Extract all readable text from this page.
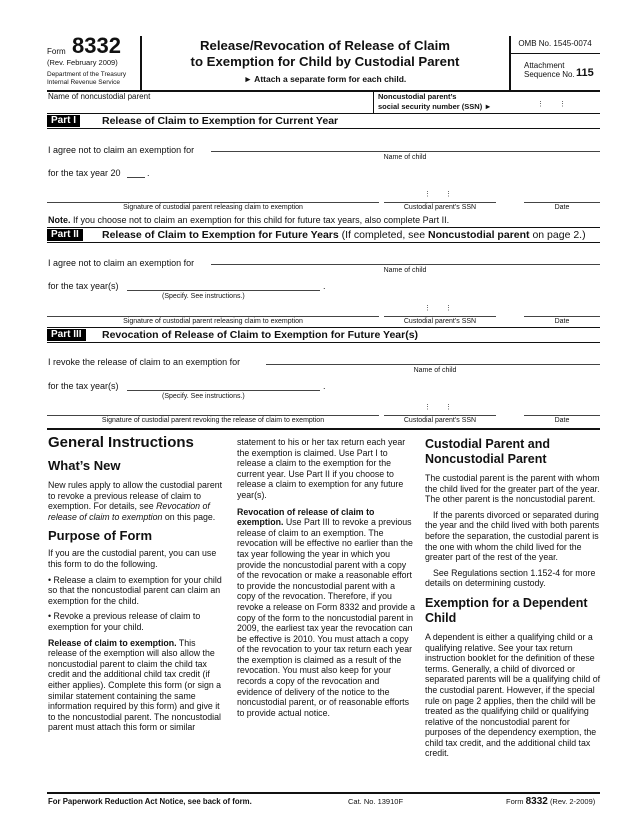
Form 8332
(Rev. February 2009)
Department of the Treasury
Internal Revenue Service
Release/Revocation of Release of Claim
to Exemption for Child by Custodial Parent
► Attach a separate form for each child.
OMB No. 1545-0074
Attachment
Sequence No. 115
Name of noncustodial parent	Noncustodial parent’s
social security number (SSN) ►	⋮ ⋮
Part I	Release of Claim to Exemption for Current Year
I agree not to claim an exemption for
Name of child
for the tax year 20	.
⋮ ⋮
Signature of custodial parent releasing claim to exemption	Custodial parent’s SSN	Date
Note. If you choose not to claim an exemption for this child for future tax years, also complete Part II.
Part II	Release of Claim to Exemption for Future Years (If completed, see Noncustodial parent on page 2.)
I agree not to claim an exemption for
Name of child
for the tax year(s)	.
(Specify. See instructions.)
⋮ ⋮
Signature of custodial parent releasing claim to exemption	Custodial parent’s SSN	Date
Part III	Revocation of Release of Claim to Exemption for Future Year(s)
I revoke the release of claim to an exemption for
Name of child
for the tax year(s)	.
(Specify. See instructions.)
⋮ ⋮
Signature of custodial parent revoking the release of claim to exemption	Custodial parent’s SSN	Date
General Instructions
What’s New

New rules apply to allow the custodial parent to revoke a previous release of claim to exemption. For details, see Revocation of release of claim to exemption on this page.

Purpose of Form

If you are the custodial parent, you can use this form to do the following.

• Release a claim to exemption for your child so that the noncustodial parent can claim an exemption for the child.

• Revoke a previous release of claim to exemption for your child.

Release of claim to exemption. This release of the exemption will also allow the noncustodial parent to claim the child tax credit and the additional child tax credit (if either applies). Complete this form (or sign a similar statement containing the same information required by this form) and give it to the noncustodial parent. The noncustodial parent must attach this form or similar

statement to his or her tax return each year the exemption is claimed. Use Part I to release a claim to the exemption for the current year. Use Part II if you choose to release a claim to exemption for any future year(s).

Revocation of release of claim to exemption. Use Part III to revoke a previous release of claim to an exemption. The revocation will be effective no earlier than the tax year following the year in which you provide the noncustodial parent with a copy of the revocation or make a reasonable effort to provide the noncustodial parent with a copy of the revocation. Therefore, if you revoke a release on Form 8332 and provide a copy of the form to the noncustodial parent in 2009, the earliest tax year the revocation can be effective is 2010. You must attach a copy of the revocation to your tax return each year the exemption is claimed as a result of the revocation. You must also keep for your records a copy of the revocation and evidence of delivery of the notice to the noncustodial parent, or of reasonable efforts to provide actual notice.

Custodial Parent and Noncustodial Parent

The custodial parent is the parent with whom the child lived for the greater part of the year. The other parent is the noncustodial parent.

If the parents divorced or separated during the year and the child lived with both parents before the separation, the custodial parent is the one with whom the child lived for the greater part of the rest of the year.

See Regulations section 1.152-4 for more details on determining custody.

Exemption for a Dependent Child

A dependent is either a qualifying child or a qualifying relative. See your tax return instruction booklet for the definition of these terms. Generally, a child of divorced or separated parents will be a qualifying child of the custodial parent. However, if the special rule on page 2 applies, then the child will be treated as the qualifying child or qualifying relative of the noncustodial parent for purposes of the dependency exemption, the child tax credit, and the additional child tax credit.

For Paperwork Reduction Act Notice, see back of form.	Cat. No. 13910F	Form 8332 (Rev. 2-2009)
